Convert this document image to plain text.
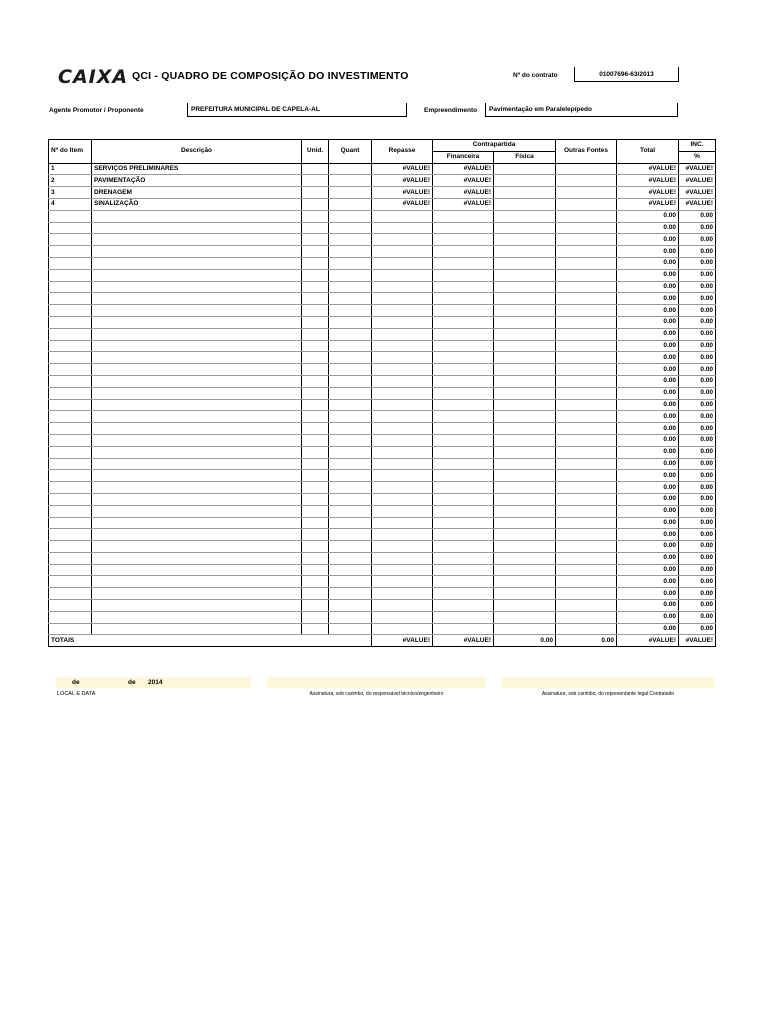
CAIXA QCI - QUADRO DE COMPOSIÇÃO DO INVESTIMENTO	Nº do contrato	01007696-63/2013
Agente Promotor / Proponente	PREFEITURA MUNICIPAL DE CAPELA-AL	Empreendimento	Pavimentação em Paralelepípedo
Nº do Item	Descrição	Unid.	Quant	Repasse	Contrapartida		Outras Fontes	Total	INC.
					Financeira	Física			%
1	SERVIÇOS PRELIMINARES			#VALUE!	#VALUE!			#VALUE!	#VALUE!
2	PAVIMENTAÇÃO			#VALUE!	#VALUE!			#VALUE!	#VALUE!
3	DRENAGEM			#VALUE!	#VALUE!			#VALUE!	#VALUE!
4	SINALIZAÇÃO			#VALUE!	#VALUE!			#VALUE!	#VALUE!
								0.00	0.00
								0.00	0.00
								0.00	0.00
								0.00	0.00
								0.00	0.00
								0.00	0.00
								0.00	0.00
								0.00	0.00
								0.00	0.00
								0.00	0.00
								0.00	0.00
								0.00	0.00
								0.00	0.00
								0.00	0.00
								0.00	0.00
								0.00	0.00
								0.00	0.00
								0.00	0.00
								0.00	0.00
								0.00	0.00
								0.00	0.00
								0.00	0.00
								0.00	0.00
								0.00	0.00
								0.00	0.00
								0.00	0.00
								0.00	0.00
								0.00	0.00
								0.00	0.00
								0.00	0.00
								0.00	0.00
								0.00	0.00
								0.00	0.00
								0.00	0.00
								0.00	0.00
								0.00	0.00
TOTAIS				#VALUE!	#VALUE!	0.00	0.00	#VALUE!	#VALUE!
de	de 2014
LOCAL E DATA	Assinatura, sob carimbo, do responsável técnico/engenheiro	Assinatura, sob carimbo, do representante legal Contratado
